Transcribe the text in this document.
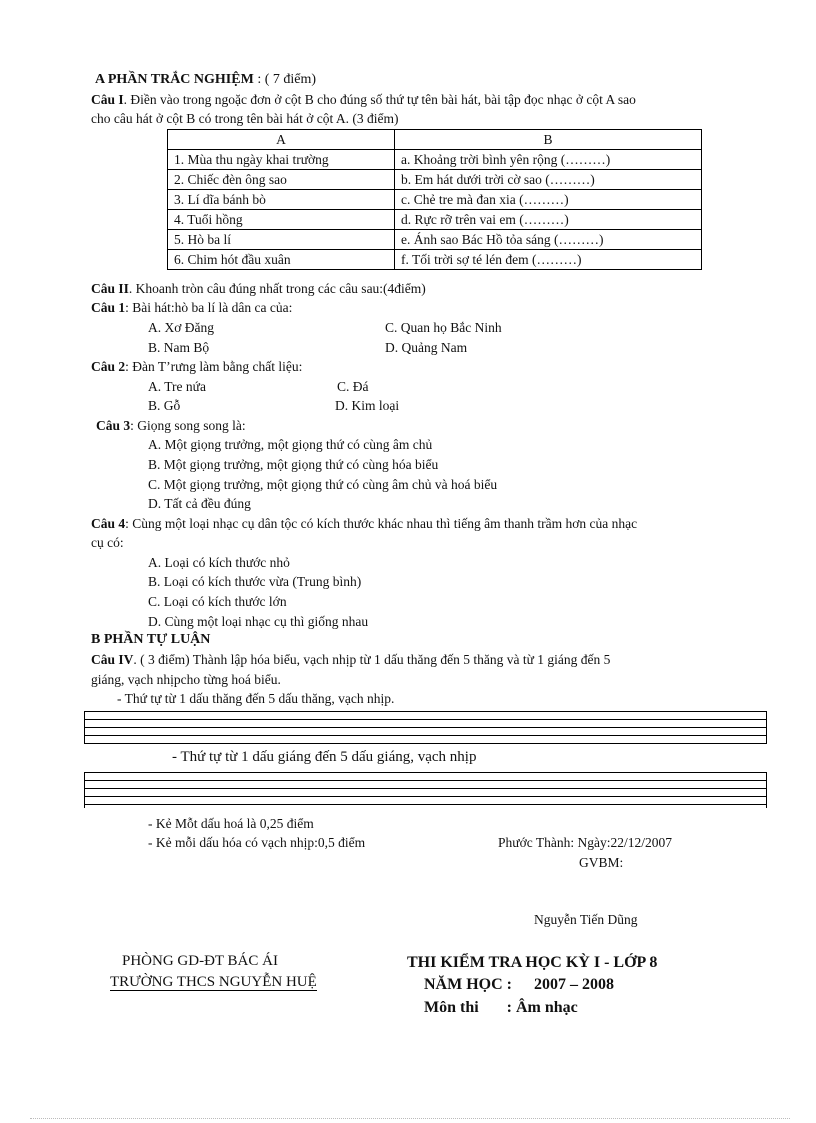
A PHẦN TRẮC NGHIỆM : ( 7 điểm)
Câu I. Điền vào trong ngoặc đơn ở cột B cho đúng số thứ tự tên bài hát, bài tập đọc nhạc ở cột A sao
cho câu hát ở cột B có trong tên bài hát ở cột A. (3 điểm)
A	B
1. Mùa thu ngày khai trường	a. Khoảng trời bình yên rộng (………)
2. Chiếc đèn ông sao	b. Em hát dưới trời cờ sao (………)
3. Lí dĩa bánh bò	c. Chẻ tre mà đan xia (………)
4. Tuổi hồng	d. Rực rỡ trên vai em (………)
5. Hò ba lí	e. Ánh sao Bác Hồ tỏa sáng (………)
6. Chim hót đầu xuân	f. Tối trời sợ té lén đem (………)
Câu II. Khoanh tròn câu đúng nhất trong các câu sau:(4điểm)
Câu 1: Bài hát:hò ba lí là dân ca của:
A. Xơ Đăng	C. Quan họ Bắc Ninh
B. Nam Bộ	D. Quảng Nam
Câu 2: Đàn T’rưng làm bằng chất liệu:
A. Tre nứa	C. Đá
B. Gỗ	D. Kim loại
Câu 3: Giọng song song là:
A. Một giọng trưởng, một giọng thứ có cùng âm chủ
B. Một giọng trưởng, một giọng thứ có cùng hóa biểu
C. Một giọng trưởng, một giọng thứ có cùng âm chủ và hoá biểu
D. Tất cả đều đúng
Câu 4: Cùng một loại nhạc cụ dân tộc có kích thước khác nhau thì tiếng âm thanh trầm hơn của nhạc
cụ có:
A. Loại có kích thước nhỏ
B. Loại có kích thước vừa (Trung bình)
C. Loại có kích thước lớn
D. Cùng một loại nhạc cụ thì giống nhau
B PHẦN TỰ LUẬN
Câu IV. ( 3 điểm) Thành lập hóa biểu, vạch nhịp từ 1 dấu thăng đến 5 thăng và từ 1 giáng đến 5
giáng, vạch nhịpcho từng hoá biểu.
- Thứ tự từ 1 dấu thăng đến 5 dấu thăng, vạch nhịp.
- Thứ tự từ 1 dấu giáng đến 5 dấu giáng, vạch nhịp
- Kẻ Mỗt dấu hoá là 0,25 điểm
- Kẻ mỗi dấu hóa có vạch nhịp:0,5 điểm	Phước Thành: Ngày:22/12/2007
GVBM:
Nguyễn Tiến Dũng
PHÒNG GD-ĐT BÁC ÁI
TRƯỜNG THCS NGUYỄN HUỆ
THI KIỂM TRA HỌC KỲ I - LỚP 8
NĂM HỌC : 2007 – 2008
Môn thi : Âm nhạc
